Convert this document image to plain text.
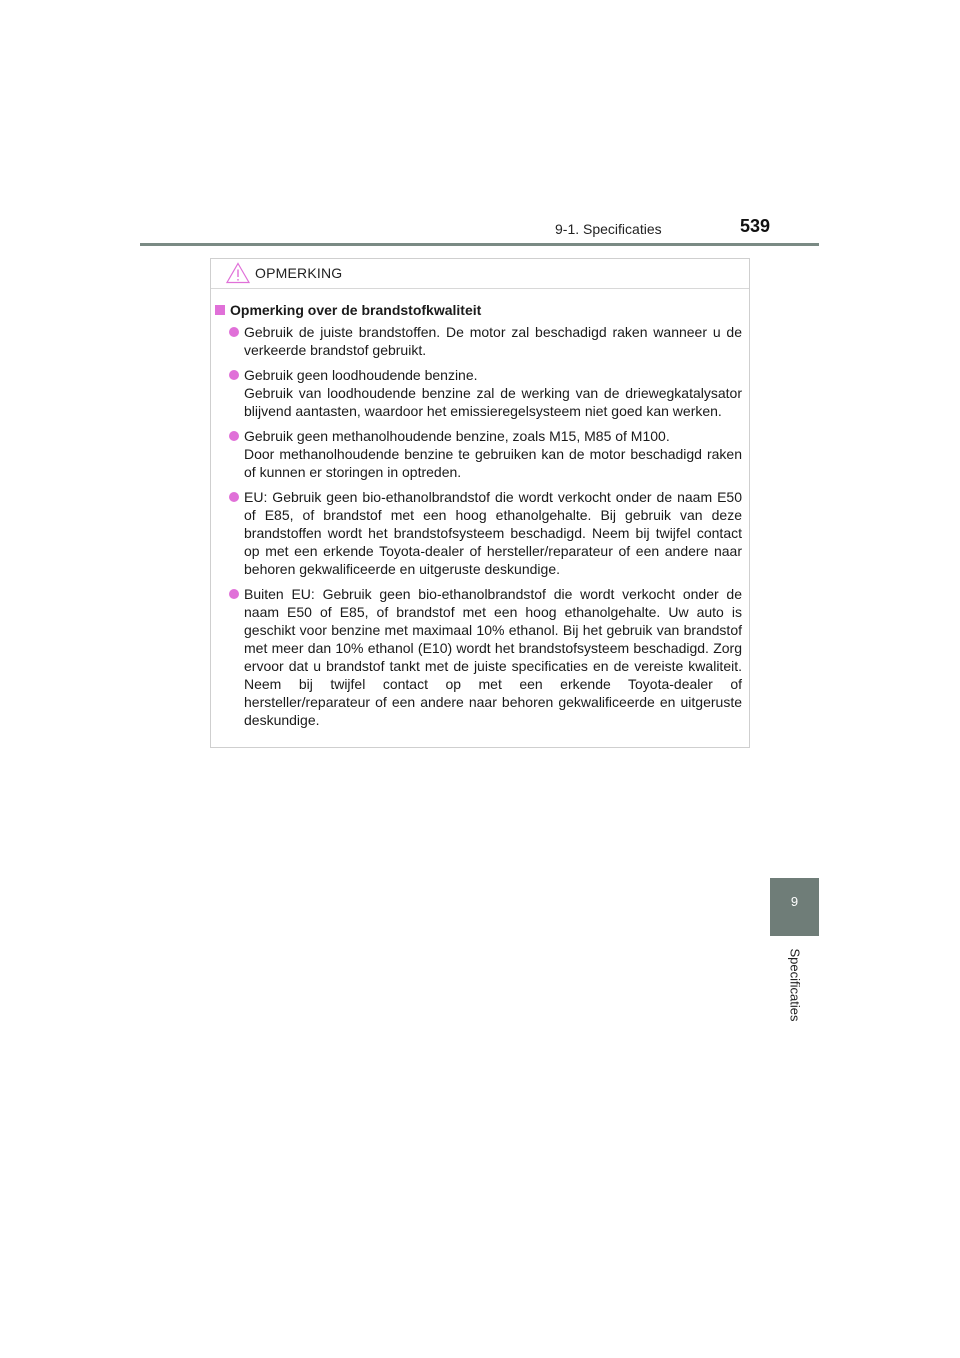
9-1. Specificaties	539
9
Specificaties
OPMERKING
Opmerking over de brandstofkwaliteit

Gebruik de juiste brandstoffen. De motor zal beschadigd raken wanneer u de verkeerde brandstof gebruikt.

Gebruik geen loodhoudende benzine.

Gebruik van loodhoudende benzine zal de werking van de driewegkatalysator blijvend aantasten, waardoor het emissieregelsysteem niet goed kan werken.

Gebruik geen methanolhoudende benzine, zoals M15, M85 of M100.

Door methanolhoudende benzine te gebruiken kan de motor beschadigd raken of kunnen er storingen in optreden.

EU: Gebruik geen bio-ethanolbrandstof die wordt verkocht onder de naam E50 of E85, of brandstof met een hoog ethanolgehalte. Bij gebruik van deze brandstoffen wordt het brandstofsysteem beschadigd. Neem bij twijfel contact op met een erkende Toyota-dealer of hersteller/reparateur of een andere naar behoren gekwalificeerde en uitgeruste deskundige.

Buiten EU: Gebruik geen bio-ethanolbrandstof die wordt verkocht onder de naam E50 of E85, of brandstof met een hoog ethanolgehalte. Uw auto is geschikt voor benzine met maximaal 10% ethanol. Bij het gebruik van brandstof met meer dan 10% ethanol (E10) wordt het brandstofsysteem beschadigd. Zorg ervoor dat u brandstof tankt met de juiste specificaties en de vereiste kwaliteit. Neem bij twijfel contact op met een erkende Toyota-dealer of hersteller/reparateur of een andere naar behoren gekwalificeerde en uitgeruste deskundige.
